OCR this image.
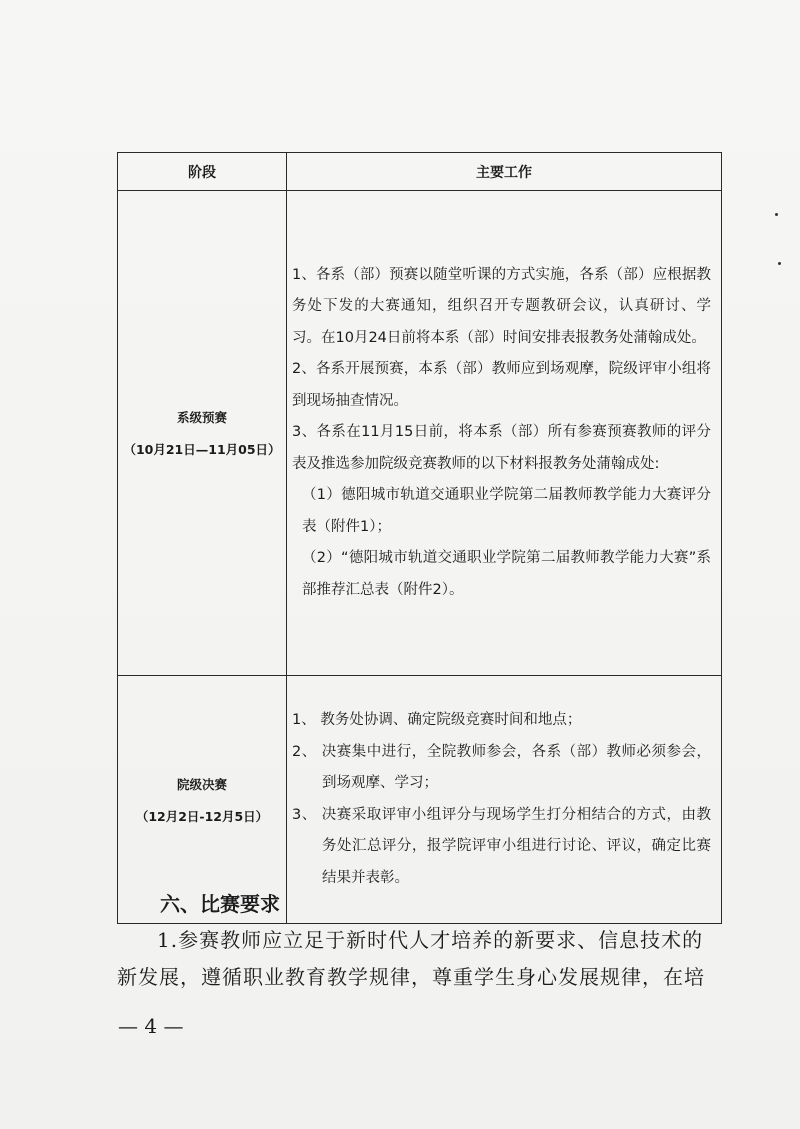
阶段	主要工作

系级预赛
（10月21日—11月05日）	1、各系（部）预赛以随堂听课的方式实施，各系（部）应根据教务处下发的大赛通知，组织召开专题教研会议，认真研讨、学习。在10月24日前将本系（部）时间安排表报教务处蒲翰成处。
2、各系开展预赛，本系（部）教师应到场观摩，院级评审小组将到现场抽查情况。
3、各系在11月15日前，将本系（部）所有参赛预赛教师的评分表及推选参加院级竞赛教师的以下材料报教务处蒲翰成处:
（1）德阳城市轨道交通职业学院第二届教师教学能力大赛评分表（附件1）；
（2）“德阳城市轨道交通职业学院第二届教师教学能力大赛”系部推荐汇总表（附件2）。

院级决赛
（12月2日-12月5日）	1、 教务处协调、确定院级竞赛时间和地点；
2、 决赛集中进行，全院教师参会，各系（部）教师必须参会，到场观摩、学习；
3、 决赛采取评审小组评分与现场学生打分相结合的方式，由教务处汇总评分，报学院评审小组进行讨论、评议，确定比赛结果并表彰。
六、比赛要求
1.参赛教师应立足于新时代人才培养的新要求、信息技术的新发展，遵循职业教育教学规律，尊重学生身心发展规律，在培
— 4 —
